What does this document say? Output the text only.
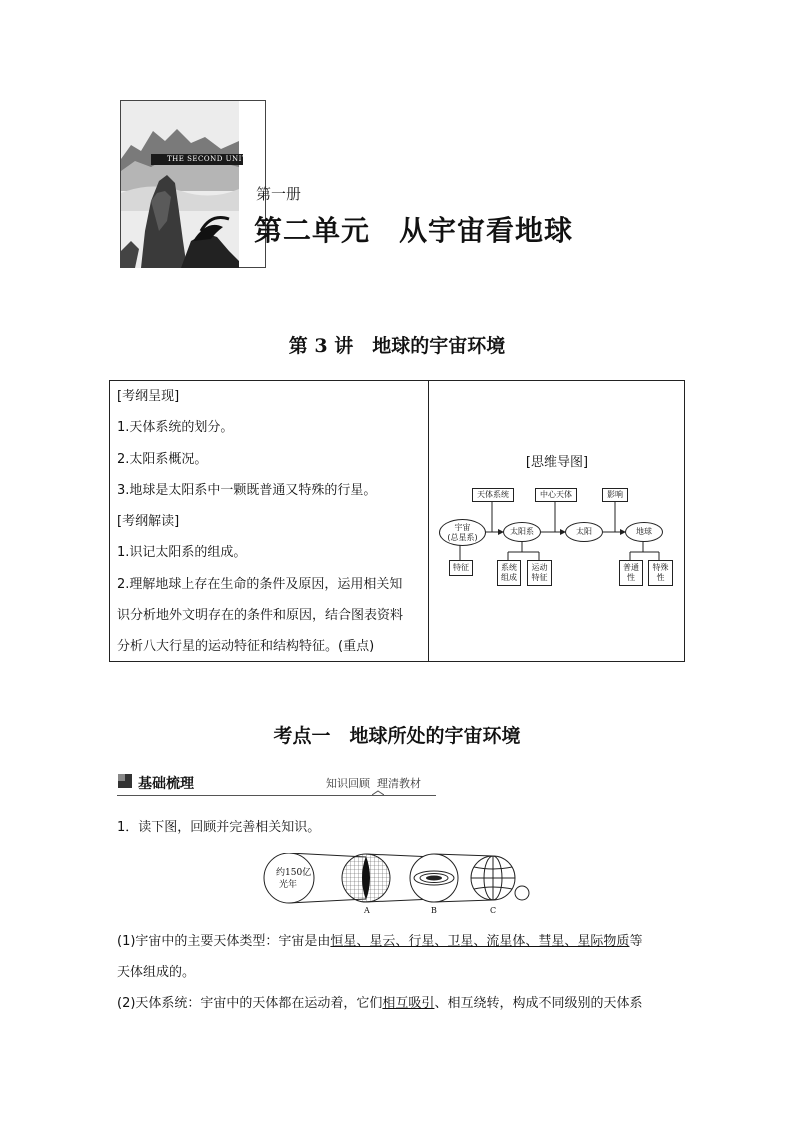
THE SECOND UNIT
第一册
第二单元　从宇宙看地球
第 3 讲　地球的宇宙环境
[考纲呈现]
1.天体系统的划分。
2.太阳系概况。
3.地球是太阳系中一颗既普通又特殊的行星。
[考纲解读]
1.识记太阳系的组成。
2.理解地球上存在生命的条件及原因，运用相关知
识分析地外文明存在的条件和原因，结合图表资料
分析八大行星的运动特征和结构特征。(重点)
[思维导图]
宇宙
(总星系)
太阳系	太阳	地球
天体系统	中心天体	影响
特征	系统
组成
运动
特征
普通
性
特殊
性
考点一　地球所处的宇宙环境
基础梳理	知识回顾  理清教材
1．读下图，回顾并完善相关知识。
约150亿
光年
A	B	C
(1)宇宙中的主要天体类型：宇宙是由恒星、星云、行星、卫星、流星体、彗星、星际物质等
天体组成的。
(2)天体系统：宇宙中的天体都在运动着，它们相互吸引、相互绕转，构成不同级别的天体系
